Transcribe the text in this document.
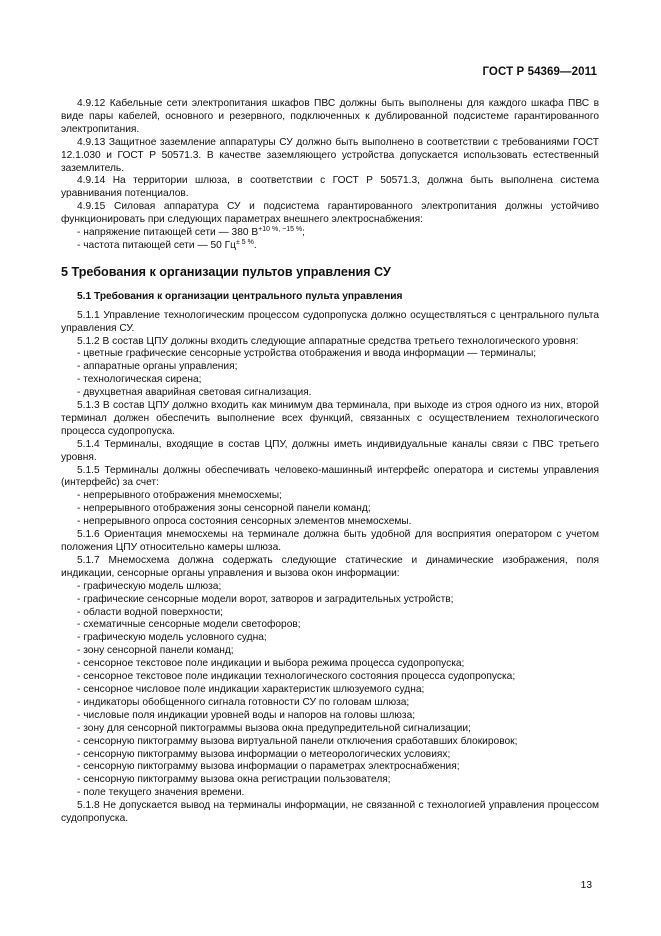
ГОСТ Р 54369—2011

4.9.12 Кабельные сети электропитания шкафов ПВС должны быть выполнены для каждого шкафа ПВС в виде пары кабелей, основного и резервного, подключенных к дублированной подсистеме гарантированного электропитания.

4.9.13 Защитное заземление аппаратуры СУ должно быть выполнено в соответствии с требованиями ГОСТ 12.1.030 и ГОСТ Р 50571.3. В качестве заземляющего устройства допускается использовать естественный заземлитель.

4.9.14 На территории шлюза, в соответствии с ГОСТ Р 50571.3, должна быть выполнена система уравнивания потенциалов.

4.9.15 Силовая аппаратура СУ и подсистема гарантированного электропитания должны устойчиво функционировать при следующих параметрах внешнего электроснабжения:

- напряжение питающей сети — 380 $В^{+10 \%, -15 \%}$;

- частота питающей сети — 50 $Гц^{\pm 5 \%}$.

5 Требования к организации пультов управления СУ

5.1 Требования к организации центрального пульта управления

5.1.1 Управление технологическим процессом судопропуска должно осуществляться с центрального пульта управления СУ.

5.1.2 В состав ЦПУ должны входить следующие аппаратные средства третьего технологического уровня:

- цветные графические сенсорные устройства отображения и ввода информации — терминалы;

- аппаратные органы управления;

- технологическая сирена;

- двухцветная аварийная световая сигнализация.

5.1.3 В состав ЦПУ должно входить как минимум два терминала, при выходе из строя одного из них, второй терминал должен обеспечить выполнение всех функций, связанных с осуществлением технологического процесса судопропуска.

5.1.4 Терминалы, входящие в состав ЦПУ, должны иметь индивидуальные каналы связи с ПВС третьего уровня.

5.1.5 Терминалы должны обеспечивать человеко-машинный интерфейс оператора и системы управления (интерфейс) за счет:

- непрерывного отображения мнемосхемы;

- непрерывного отображения зоны сенсорной панели команд;

- непрерывного опроса состояния сенсорных элементов мнемосхемы.

5.1.6 Ориентация мнемосхемы на терминале должна быть удобной для восприятия оператором с учетом положения ЦПУ относительно камеры шлюза.

5.1.7 Мнемосхема должна содержать следующие статические и динамические изображения, поля индикации, сенсорные органы управления и вызова окон информации:

- графическую модель шлюза;

- графические сенсорные модели ворот, затворов и заградительных устройств;

- области водной поверхности;

- схематичные сенсорные модели светофоров;

- графическую модель условного судна;

- зону сенсорной панели команд;

- сенсорное текстовое поле индикации и выбора режима процесса судопропуска;

- сенсорное текстовое поле индикации технологического состояния процесса судопропуска;

- сенсорное числовое поле индикации характеристик шлюзуемого судна;

- индикаторы обобщенного сигнала готовности СУ по головам шлюза;

- числовые поля индикации уровней воды и напоров на головы шлюза;

- зону для сенсорной пиктограммы вызова окна предупредительной сигнализации;

- сенсорную пиктограмму вызова виртуальной панели отключения сработавших блокировок;

- сенсорную пиктограмму вызова информации о метеорологических условиях;

- сенсорную пиктограмму вызова информации о параметрах электроснабжения;

- сенсорную пиктограмму вызова окна регистрации пользователя;

- поле текущего значения времени.

5.1.8 Не допускается вывод на терминалы информации, не связанной с технологией управления процессом судопропуска.

13
